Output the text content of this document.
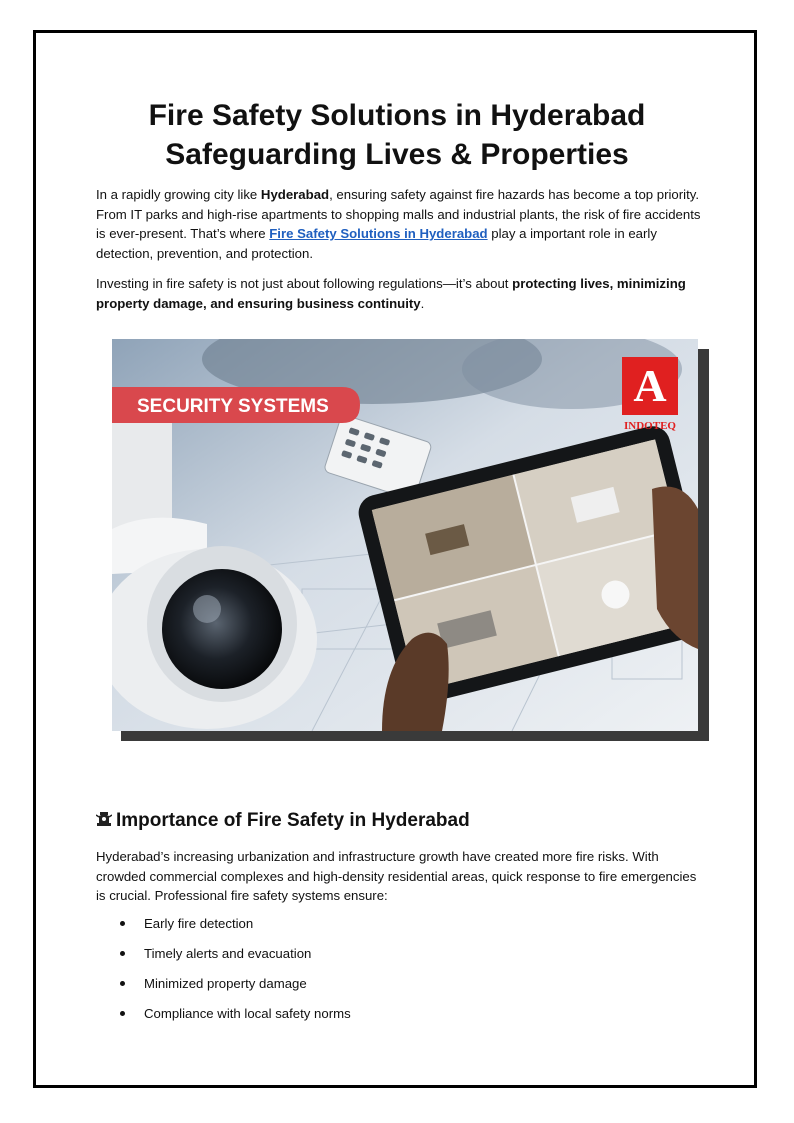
Fire Safety Solutions in Hyderabad
Safeguarding Lives & Properties

In a rapidly growing city like Hyderabad, ensuring safety against fire hazards has become a top priority. From IT parks and high-rise apartments to shopping malls and industrial plants, the risk of fire accidents is ever-present. That’s where Fire Safety Solutions in Hyderabad play a important role in early detection, prevention, and protection.

Investing in fire safety is not just about following regulations—it’s about protecting lives, minimizing property damage, and ensuring business continuity.

SECURITY SYSTEMS	A
INDOTEQ
Importance of Fire Safety in Hyderabad

Hyderabad’s increasing urbanization and infrastructure growth have created more fire risks. With crowded commercial complexes and high-density residential areas, quick response to fire emergencies is crucial. Professional fire safety systems ensure:

Early fire detection
Timely alerts and evacuation
Minimized property damage
Compliance with local safety norms
